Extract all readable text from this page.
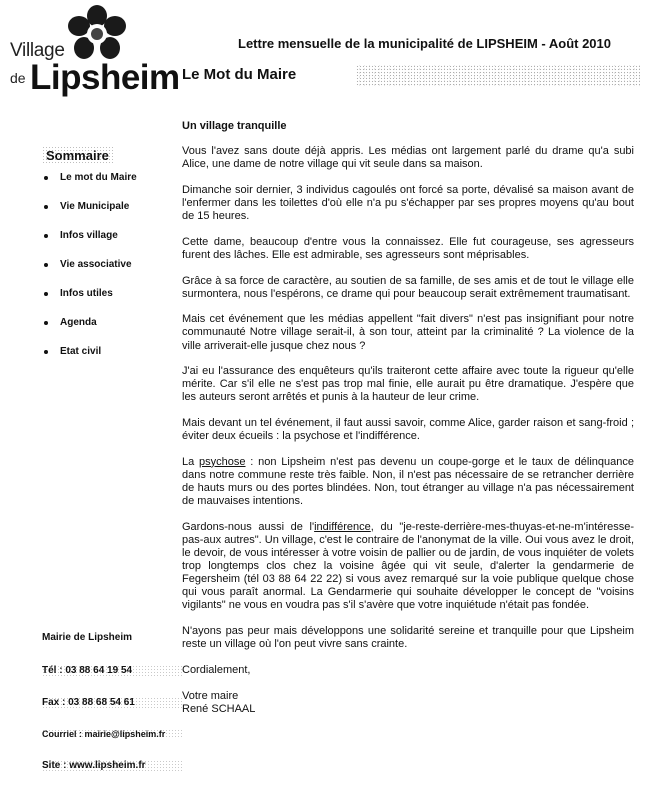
Village
de Lipsheim
Lettre mensuelle de la municipalité de LIPSHEIM - Août 2010
Le Mot du Maire
Sommaire
Le mot du Maire
Vie Municipale
Infos village
Vie associative
Infos utiles
Agenda
Etat civil
Mairie de Lipsheim
Tél : 03 88 64 19 54
Fax : 03 88 68 54 61
Courriel : mairie@lipsheim.fr
Site : www.lipsheim.fr
Un village tranquille

Vous l'avez sans doute déjà appris. Les médias ont largement parlé du drame qu'a subi Alice, une dame de notre village qui vit seule dans sa maison.

Dimanche soir dernier, 3 individus cagoulés ont forcé sa porte, dévalisé sa maison avant de l'enfermer dans les toilettes d'où elle n'a pu s'échapper par ses propres moyens qu'au bout de 15 heures.

Cette dame, beaucoup d'entre vous la connaissez. Elle fut courageuse, ses agresseurs furent des lâches. Elle est admirable, ses agresseurs sont méprisables.

Grâce à sa force de caractère, au soutien de sa famille, de ses amis et de tout le village elle surmontera, nous l'espérons, ce drame qui pour beaucoup serait extrêmement traumatisant.

Mais cet événement que les médias appellent "fait divers" n'est pas insignifiant pour notre communauté Notre village serait-il, à son tour, atteint par la criminalité ? La violence de la ville arriverait-elle jusque chez nous ?

J'ai eu l'assurance des enquêteurs qu'ils traiteront cette affaire avec toute la rigueur qu'elle mérite. Car s'il elle ne s'est pas trop mal finie, elle aurait pu être dramatique. J'espère que les auteurs seront arrêtés et punis à la hauteur de leur crime.

Mais devant un tel événement, il faut aussi savoir, comme Alice, garder raison et sang-froid ; éviter deux écueils : la psychose et l'indifférence.

La psychose : non Lipsheim n'est pas devenu un coupe-gorge et le taux de délinquance dans notre commune reste très faible. Non, il n'est pas nécessaire de se retrancher derrière de hauts murs ou des portes blindées. Non, tout étranger au village n'a pas nécessairement de mauvaises intentions.

Gardons-nous aussi de l'indifférence, du "je-reste-derrière-mes-thuyas-et-ne-m'intéresse-pas-aux autres". Un village, c'est le contraire de l'anonymat de la ville. Oui vous avez le droit, le devoir, de vous intéresser à votre voisin de pallier ou de jardin, de vous inquiéter de volets trop longtemps clos chez la voisine âgée qui vit seule, d'alerter la gendarmerie de Fegersheim (tél 03 88 64 22 22) si vous avez remarqué sur la voie publique quelque chose qui vous paraît anormal. La Gendarmerie qui souhaite développer le concept de "voisins vigilants" ne vous en voudra pas s'il s'avère que votre inquiétude n'était pas fondée.

N'ayons pas peur mais développons une solidarité sereine et tranquille pour que Lipsheim reste un village où l'on peut vivre sans crainte.

Cordialement,

Votre maire

René SCHAAL
